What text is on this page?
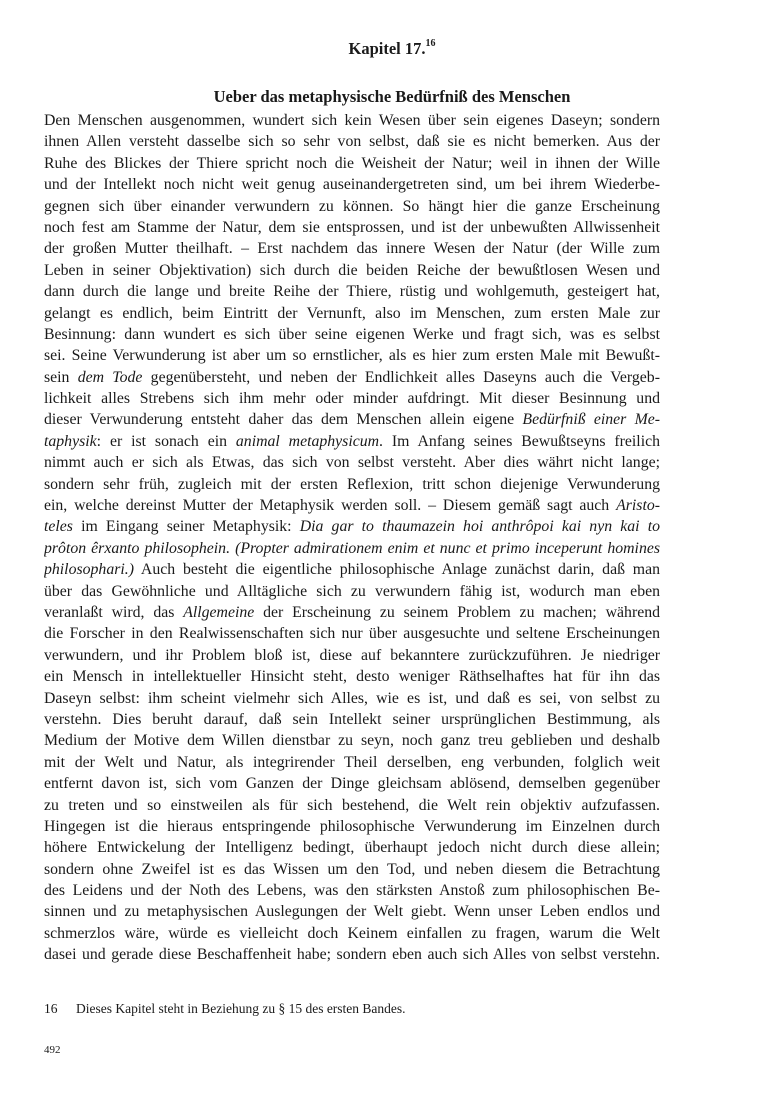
Kapitel 17.16
Ueber das metaphysische Bedürfniß des Menschen
Den Menschen ausgenommen, wundert sich kein Wesen über sein eigenes Daseyn; sondern
ihnen Allen versteht dasselbe sich so sehr von selbst, daß sie es nicht bemerken. Aus der
Ruhe des Blickes der Thiere spricht noch die Weisheit der Natur; weil in ihnen der Wille
und der Intellekt noch nicht weit genug auseinandergetreten sind, um bei ihrem Wiederbe-
gegnen sich über einander verwundern zu können. So hängt hier die ganze Erscheinung
noch fest am Stamme der Natur, dem sie entsprossen, und ist der unbewußten Allwissenheit
der großen Mutter theilhaft. – Erst nachdem das innere Wesen der Natur (der Wille zum
Leben in seiner Objektivation) sich durch die beiden Reiche der bewußtlosen Wesen und
dann durch die lange und breite Reihe der Thiere, rüstig und wohlgemuth, gesteigert hat,
gelangt es endlich, beim Eintritt der Vernunft, also im Menschen, zum ersten Male zur
Besinnung: dann wundert es sich über seine eigenen Werke und fragt sich, was es selbst
sei. Seine Verwunderung ist aber um so ernstlicher, als es hier zum ersten Male mit Bewußt-
sein dem Tode gegenübersteht, und neben der Endlichkeit alles Daseyns auch die Vergeb-
lichkeit alles Strebens sich ihm mehr oder minder aufdringt. Mit dieser Besinnung und
dieser Verwunderung entsteht daher das dem Menschen allein eigene Bedürfniß einer Me-
taphysik: er ist sonach ein animal metaphysicum. Im Anfang seines Bewußtseyns freilich
nimmt auch er sich als Etwas, das sich von selbst versteht. Aber dies währt nicht lange;
sondern sehr früh, zugleich mit der ersten Reflexion, tritt schon diejenige Verwunderung
ein, welche dereinst Mutter der Metaphysik werden soll. – Diesem gemäß sagt auch Aristo-
teles im Eingang seiner Metaphysik: Dia gar to thaumazein hoi anthrôpoi kai nyn kai to
prôton êrxanto philosophein. (Propter admirationem enim et nunc et primo inceperunt homines
philosophari.) Auch besteht die eigentliche philosophische Anlage zunächst darin, daß man
über das Gewöhnliche und Alltägliche sich zu verwundern fähig ist, wodurch man eben
veranlaßt wird, das Allgemeine der Erscheinung zu seinem Problem zu machen; während
die Forscher in den Realwissenschaften sich nur über ausgesuchte und seltene Erscheinungen
verwundern, und ihr Problem bloß ist, diese auf bekanntere zurückzuführen. Je niedriger
ein Mensch in intellektueller Hinsicht steht, desto weniger Räthselhaftes hat für ihn das
Daseyn selbst: ihm scheint vielmehr sich Alles, wie es ist, und daß es sei, von selbst zu
verstehn. Dies beruht darauf, daß sein Intellekt seiner ursprünglichen Bestimmung, als
Medium der Motive dem Willen dienstbar zu seyn, noch ganz treu geblieben und deshalb
mit der Welt und Natur, als integrirender Theil derselben, eng verbunden, folglich weit
entfernt davon ist, sich vom Ganzen der Dinge gleichsam ablösend, demselben gegenüber
zu treten und so einstweilen als für sich bestehend, die Welt rein objektiv aufzufassen.
Hingegen ist die hieraus entspringende philosophische Verwunderung im Einzelnen durch
höhere Entwickelung der Intelligenz bedingt, überhaupt jedoch nicht durch diese allein;
sondern ohne Zweifel ist es das Wissen um den Tod, und neben diesem die Betrachtung
des Leidens und der Noth des Lebens, was den stärksten Anstoß zum philosophischen Be-
sinnen und zu metaphysischen Auslegungen der Welt giebt. Wenn unser Leben endlos und
schmerzlos wäre, würde es vielleicht doch Keinem einfallen zu fragen, warum die Welt
dasei und gerade diese Beschaffenheit habe; sondern eben auch sich Alles von selbst verstehn.
16 Dieses Kapitel steht in Beziehung zu § 15 des ersten Bandes.
492
